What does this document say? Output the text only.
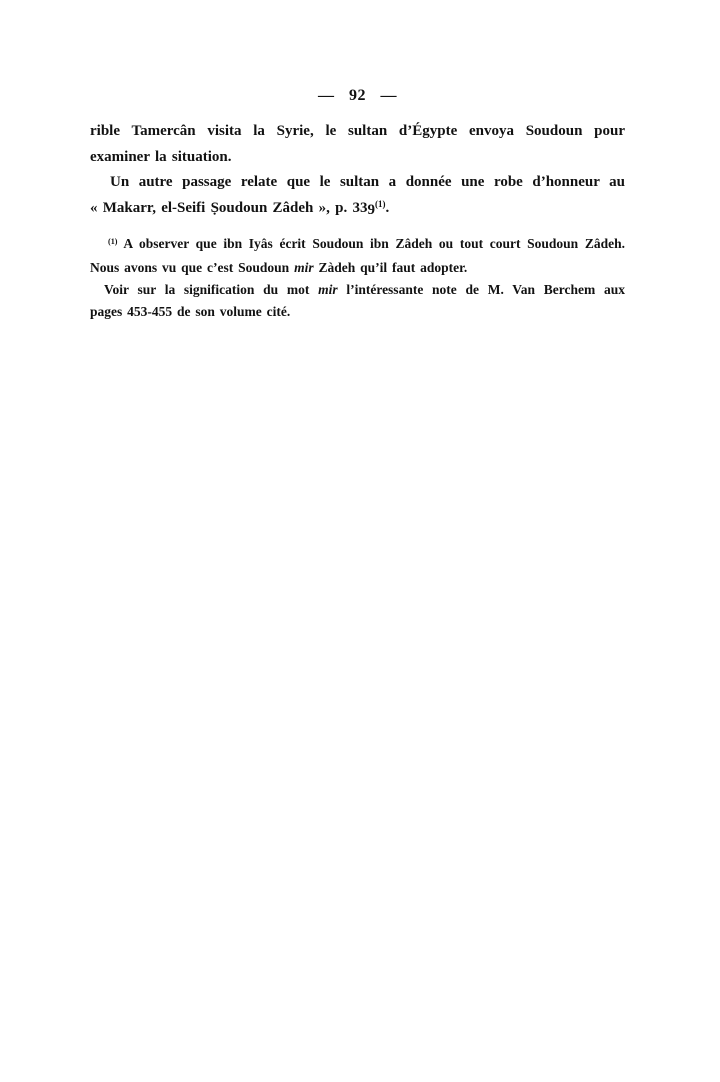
— 92 —
rible Tamercân visita la Syrie, le sultan d’Égypte envoya Soudoun pour
examiner la situation.
Un autre passage relate que le sultan a donnée une robe d’honneur au
« Makarr, el-Seifi Ṣoudoun Zâdeh », p. 339$^{(1)}$.
$^{(1)}$ A observer que ibn Iyâs écrit Soudoun ibn Zâdeh ou tout court Soudoun Zâdeh.
Nous avons vu que c’est Soudoun mir Zàdeh qu’il faut adopter.
Voir sur la signification du mot mir l’intéressante note de M. Van Berchem aux
pages 453-455 de son volume cité.
